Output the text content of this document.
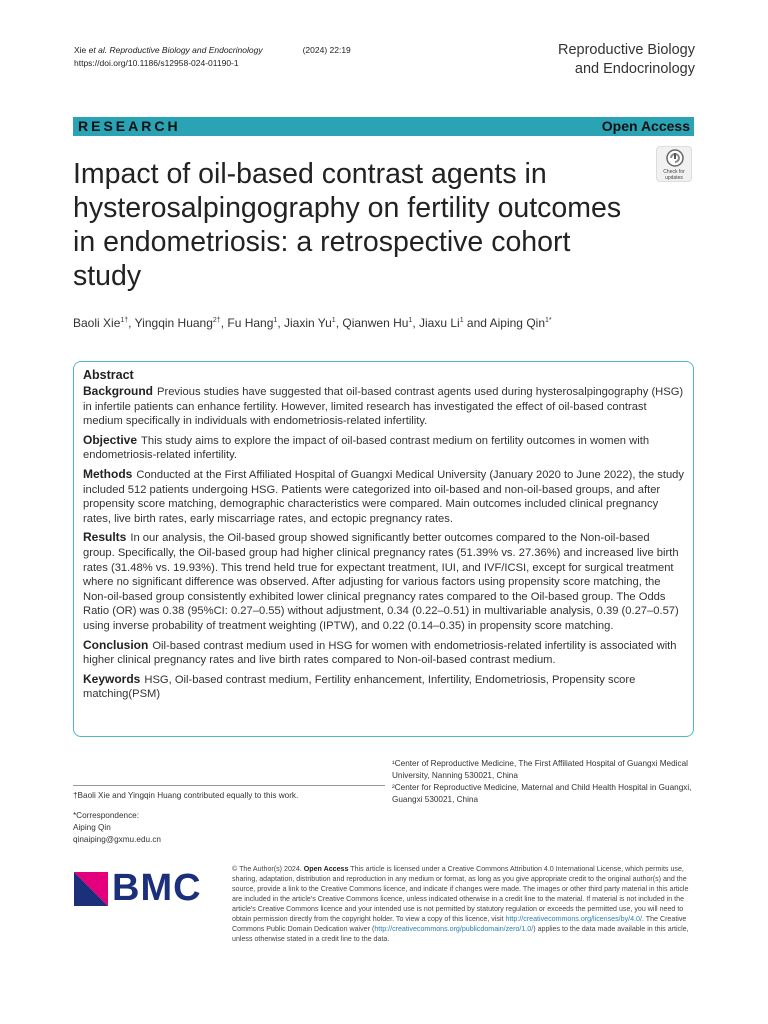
Xie et al. Reproductive Biology and Endocrinology	(2024) 22:19
https://doi.org/10.1186/s12958-024-01190-1
Reproductive Biology
and Endocrinology
RESEARCH	Open Access
Check for
updates
Impact of oil-based contrast agents in hysterosalpingography on fertility outcomes in endometriosis: a retrospective cohort study
Baoli Xie$^{1\dagger}$, Yingqin Huang$^{2\dagger}$, Fu Hang$^1$, Jiaxin Yu$^1$, Qianwen Hu$^1$, Jiaxu Li$^1$ and Aiping Qin$^{1*}$
Abstract

Background Previous studies have suggested that oil-based contrast agents used during hysterosalpingography (HSG) in infertile patients can enhance fertility. However, limited research has investigated the effect of oil-based contrast medium specifically in individuals with endometriosis-related infertility.

Objective This study aims to explore the impact of oil-based contrast medium on fertility outcomes in women with endometriosis-related infertility.

Methods Conducted at the First Affiliated Hospital of Guangxi Medical University (January 2020 to June 2022), the study included 512 patients undergoing HSG. Patients were categorized into oil-based and non-oil-based groups, and after propensity score matching, demographic characteristics were compared. Main outcomes included clinical pregnancy rates, live birth rates, early miscarriage rates, and ectopic pregnancy rates.

Results In our analysis, the Oil-based group showed significantly better outcomes compared to the Non-oil-based group. Specifically, the Oil-based group had higher clinical pregnancy rates (51.39% vs. 27.36%) and increased live birth rates (31.48% vs. 19.93%). This trend held true for expectant treatment, IUI, and IVF/ICSI, except for surgical treatment where no significant difference was observed. After adjusting for various factors using propensity score matching, the Non-oil-based group consistently exhibited lower clinical pregnancy rates compared to the Oil-based group. The Odds Ratio (OR) was 0.38 (95%CI: 0.27–0.55) without adjustment, 0.34 (0.22–0.51) in multivariable analysis, 0.39 (0.27–0.57) using inverse probability of treatment weighting (IPTW), and 0.22 (0.14–0.35) in propensity score matching.

Conclusion Oil-based contrast medium used in HSG for women with endometriosis-related infertility is associated with higher clinical pregnancy rates and live birth rates compared to Non-oil-based contrast medium.

Keywords HSG, Oil-based contrast medium, Fertility enhancement, Infertility, Endometriosis, Propensity score matching(PSM)

†Baoli Xie and Yingqin Huang contributed equally to this work.
*Correspondence:
Aiping Qin
qinaiping@gxmu.edu.cn
¹Center of Reproductive Medicine, The First Affiliated Hospital of Guangxi Medical University, Nanning 530021, China
²Center for Reproductive Medicine, Maternal and Child Health Hospital in Guangxi, Guangxi 530021, China
BMC	© The Author(s) 2024. Open Access This article is licensed under a Creative Commons Attribution 4.0 International License, which permits use, sharing, adaptation, distribution and reproduction in any medium or format, as long as you give appropriate credit to the original author(s) and the source, provide a link to the Creative Commons licence, and indicate if changes were made. The images or other third party material in this article are included in the article's Creative Commons licence, unless indicated otherwise in a credit line to the material. If material is not included in the article's Creative Commons licence and your intended use is not permitted by statutory regulation or exceeds the permitted use, you will need to obtain permission directly from the copyright holder. To view a copy of this licence, visit http://creativecommons.org/licenses/by/4.0/. The Creative Commons Public Domain Dedication waiver (http://creativecommons.org/publicdomain/zero/1.0/) applies to the data made available in this article, unless otherwise stated in a credit line to the data.
